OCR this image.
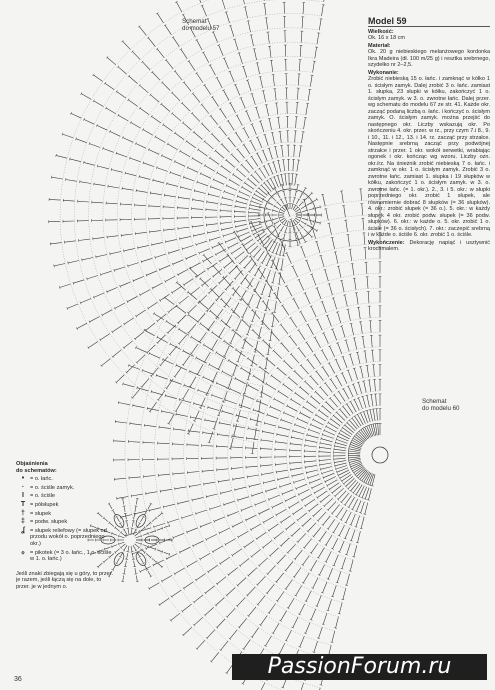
Schemat
do modelu 57
Schemat
do modelu 60
Model 59

Wielkość:
Ok. 16 x 18 cm

Materiał:
Ok. 20 g niebieskiego melanżowego kordonka Ikra Madeira (dł. 100 m/25 g) i resztka srebrnego, szydełko nr 2–2,5.

Wykonanie:
Zrobić niebieską 15 o. łańc. i zamknąć w kółko 1 o. ścisłym zamyk. Dalej zrobić 3 o. łańc. zamiast 1. słupka, 23 słupki w kółku, zakończyć 1 o. ścisłym zamyk. w 3. o. zwrotne łańc. Dalej przer. wg schematu do modelu 67 ze str. 41. Każde okr. zacząć podaną liczbą o. łańc. i kończyć o. ścisłym zamyk. O. ścisłym zamyk. można przejść do następnego okr. Liczby wskazują okr. Po skończeniu 4. okr. przer. w rz., przy czym 7.i 8., 9. i 10., 11. i 12., 13. i 14. rz. zacząć przy strzałce. Następnie srebrną zacząć przy podwójnej strzałce i przer. 1 okr. wokół serwetki, wrabiając ogonek i okr. kończąc wg wzoru. Liczby ozn. okr./rz. Na śnieżnik zrobić niebieską 7 o. łańc. i zamknąć w okr. 1 o. ścisłym zamyk. Zrobić 3 o. zwrotne łańc. zamiast 1. słupka i 19 słupków w kółku, zakończyć 1 o. ścisłym zamyk. w 3. o. zwrotne łańc. (= 1. okr.). 2., 3. i 5. okr.: w słupki poprzedniego okr. zrobić 1 słupek, ale równomiernie dobrać 8 słupków (= 36 słupków). 4. okr.: zrobić słupek (= 36 o.). 5. okr.: w każdy słupek 4 okr. zrobić podw. słupek (= 36 podw. słupków). 6. okr.: w każde o. 5. okr. zrobić 1 o. ścisłe (= 36 o. ścisłych). 7. okr.: zaczepić srebrną i w każde o. ściśle 6. okr. zrobić 1 o. ściśle.

Wykończenie: Dekorację napiąć i usztywnić krochmalem.

Objaśnienia
do schematów:
•	= o. łańc.
·	= o. ściśle zamyk.
I	= o. ściśle
T = półsłupek
† = słupek
‡ = podw. słupek
ʆ = słupek reliefowy (= słupek od przodu wokół o. poprzedniego okr.)
ℴ = pikotek (= 3 o. łańc., 1 o. ściśle w 1. o. łańc.)
Jeśli znaki zbiegają się u góry, to przer. je razem, jeśli łączą się na dole, to przer. je w jednym o.
36
PassionForum.ru
